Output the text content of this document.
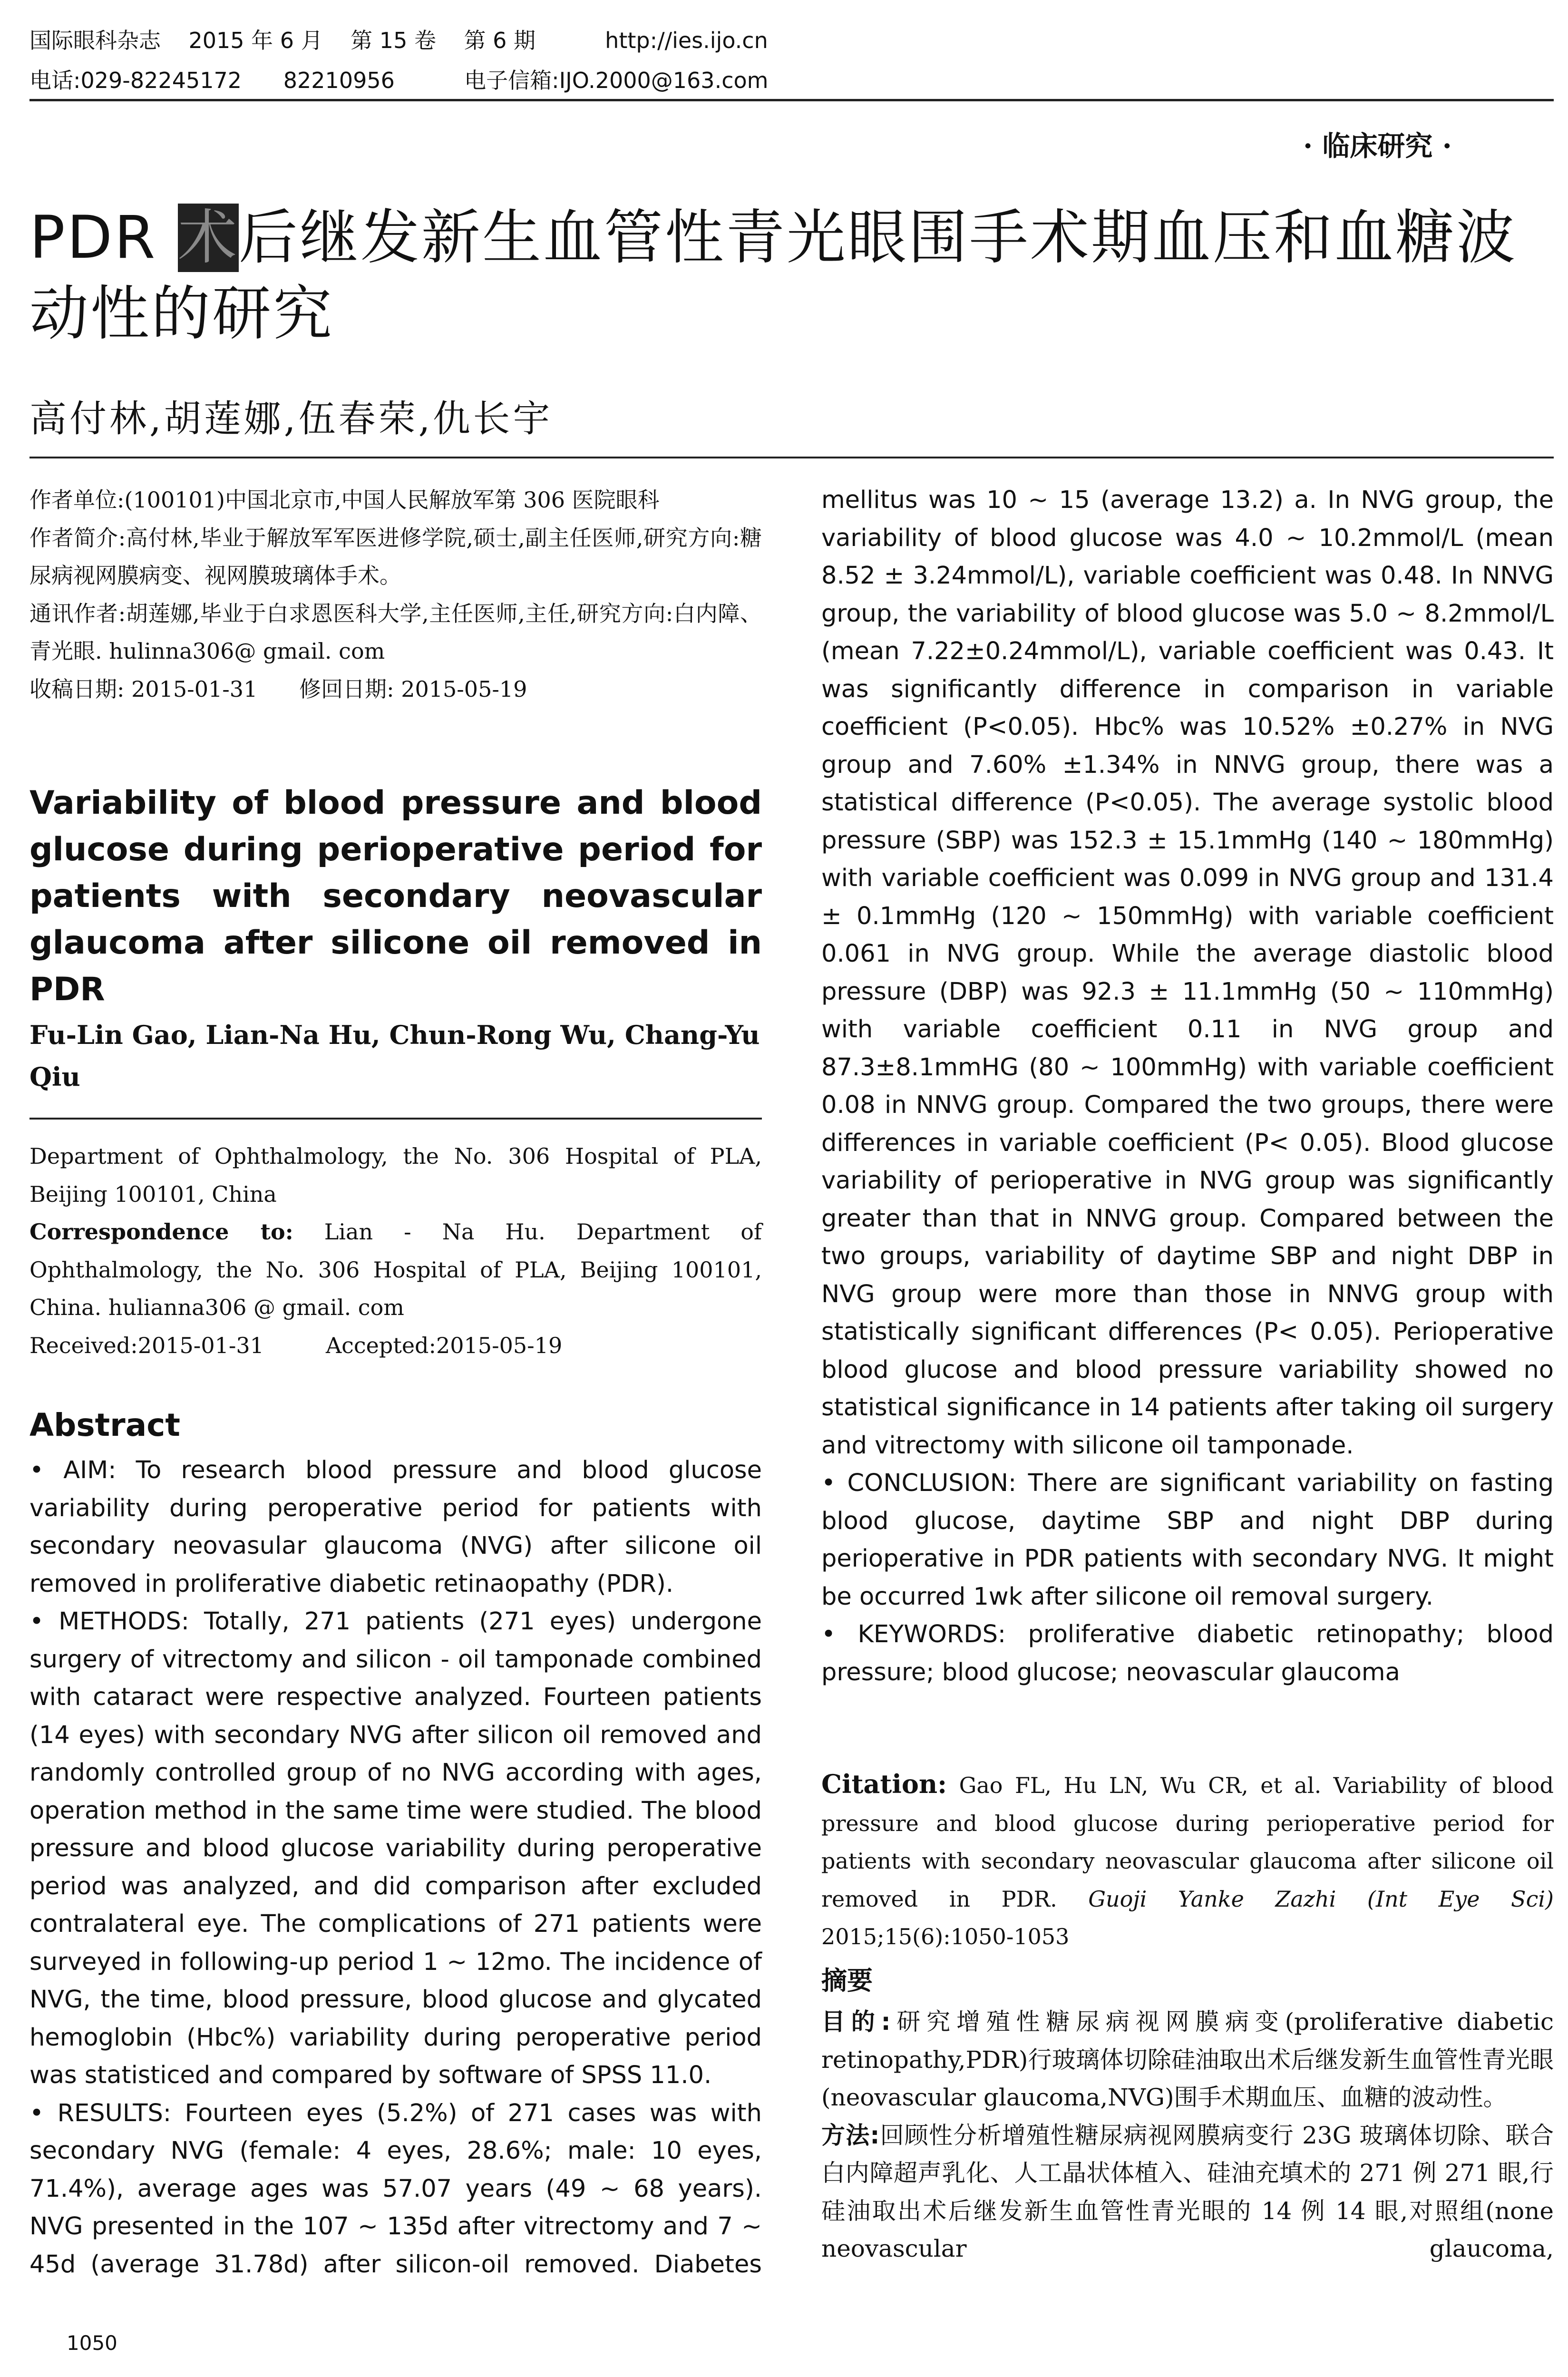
国际眼科杂志    2015 年 6 月    第 15 卷    第 6 期          http://ies.ijo.cn
电话:029-82245172      82210956          电子信箱:IJO.2000@163.com
· 临床研究 ·
PDR 术后继发新生血管性青光眼围手术期血压和血糖波动性的研究
高付林,胡莲娜,伍春荣,仇长宇

作者单位:(100101)中国北京市,中国人民解放军第 306 医院眼科

作者简介:高付林,毕业于解放军军医进修学院,硕士,副主任医师,研究方向:糖尿病视网膜病变、视网膜玻璃体手术。

通讯作者:胡莲娜,毕业于白求恩医科大学,主任医师,主任,研究方向:白内障、青光眼. hulinna306@ gmail. com

收稿日期: 2015-01-31      修回日期: 2015-05-19

Variability of blood pressure and blood glucose during perioperative period for patients with secondary neovascular glaucoma after silicone oil removed in PDR
Fu-Lin Gao, Lian-Na Hu, Chun-Rong Wu, Chang-Yu Qiu

Department of Ophthalmology, the No. 306 Hospital of PLA, Beijing 100101, China

Correspondence to: Lian - Na Hu. Department of Ophthalmology, the No. 306 Hospital of PLA, Beijing 100101, China. hulianna306 @ gmail. com

Received:2015-01-31	Accepted:2015-05-19

Abstract

• AIM: To research blood pressure and blood glucose variability during peroperative period for patients with secondary neovasular glaucoma (NVG) after silicone oil removed in proliferative diabetic retinaopathy (PDR).

• METHODS: Totally, 271 patients (271 eyes) undergone surgery of vitrectomy and silicon - oil tamponade combined with cataract were respective analyzed. Fourteen patients (14 eyes) with secondary NVG after silicon oil removed and randomly controlled group of no NVG according with ages, operation method in the same time were studied. The blood pressure and blood glucose variability during peroperative period was analyzed, and did comparison after excluded contralateral eye. The complications of 271 patients were surveyed in following-up period 1 ~ 12mo. The incidence of NVG, the time, blood pressure, blood glucose and glycated hemoglobin (Hbc%) variability during peroperative period was statisticed and compared by software of SPSS 11.0.

• RESULTS: Fourteen eyes (5.2%) of 271 cases was with secondary NVG (female: 4 eyes, 28.6%; male: 10 eyes, 71.4%), average ages was 57.07 years (49 ~ 68 years). NVG presented in the 107 ~ 135d after vitrectomy and 7 ~ 45d (average 31.78d) after silicon-oil removed. Diabetes

1050

mellitus was 10 ~ 15 (average 13.2) a. In NVG group, the variability of blood glucose was 4.0 ~ 10.2mmol/L (mean 8.52 ± 3.24mmol/L), variable coefficient was 0.48. In NNVG group, the variability of blood glucose was 5.0 ~ 8.2mmol/L (mean 7.22±0.24mmol/L), variable coefficient was 0.43. It was significantly difference in comparison in variable coefficient (P<0.05). Hbc% was 10.52% ±0.27% in NVG group and 7.60% ±1.34% in NNVG group, there was a statistical difference (P<0.05). The average systolic blood pressure (SBP) was 152.3 ± 15.1mmHg (140 ~ 180mmHg) with variable coefficient was 0.099 in NVG group and 131.4 ± 0.1mmHg (120 ~ 150mmHg) with variable coefficient 0.061 in NVG group. While the average diastolic blood pressure (DBP) was 92.3 ± 11.1mmHg (50 ~ 110mmHg) with variable coefficient 0.11 in NVG group and 87.3±8.1mmHG (80 ~ 100mmHg) with variable coefficient 0.08 in NNVG group. Compared the two groups, there were differences in variable coefficient (P< 0.05). Blood glucose variability of perioperative in NVG group was significantly greater than that in NNVG group. Compared between the two groups, variability of daytime SBP and night DBP in NVG group were more than those in NNVG group with statistically significant differences (P< 0.05). Perioperative blood glucose and blood pressure variability showed no statistical significance in 14 patients after taking oil surgery and vitrectomy with silicone oil tamponade.

• CONCLUSION: There are significant variability on fasting blood glucose, daytime SBP and night DBP during perioperative in PDR patients with secondary NVG. It might be occurred 1wk after silicone oil removal surgery.

• KEYWORDS: proliferative diabetic retinopathy; blood pressure; blood glucose; neovascular glaucoma

Citation: Gao FL, Hu LN, Wu CR, et al. Variability of blood pressure and blood glucose during perioperative period for patients with secondary neovascular glaucoma after silicone oil removed in PDR. Guoji Yanke Zazhi (Int Eye Sci) 2015;15(6):1050-1053
摘要

目的:研究增殖性糖尿病视网膜病变(proliferative diabetic retinopathy,PDR)行玻璃体切除硅油取出术后继发新生血管性青光眼(neovascular glaucoma,NVG)围手术期血压、血糖的波动性。

方法:回顾性分析增殖性糖尿病视网膜病变行 23G 玻璃体切除、联合白内障超声乳化、人工晶状体植入、硅油充填术的 271 例 271 眼,行硅油取出术后继发新生血管性青光眼的 14 例 14 眼,对照组(none neovascular glaucoma,
